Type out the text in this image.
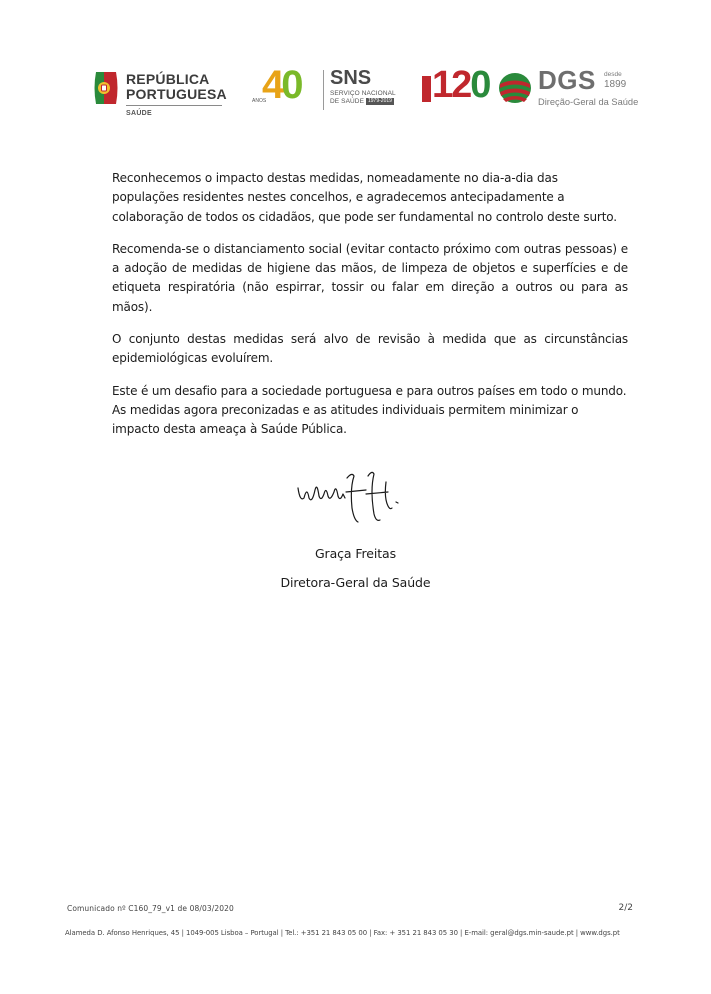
REPÚBLICA
PORTUGUESA
SAÚDE
ANOS
40 SNS
SERVIÇO NACIONAL
DE SAÚDE 1979-2019 120 DGS desde
1899
Direção-Geral da Saúde

Reconhecemos o impacto destas medidas, nomeadamente no dia-a-dia das populações residentes nestes concelhos, e agradecemos antecipadamente a colaboração de todos os cidadãos, que pode ser fundamental no controlo deste surto.

Recomenda-se o distanciamento social (evitar contacto próximo com outras pessoas) e a adoção de medidas de higiene das mãos, de limpeza de objetos e superfícies e de etiqueta respiratória (não espirrar, tossir ou falar em direção a outros ou para as mãos).

O conjunto destas medidas será alvo de revisão à medida que as circunstâncias epidemiológicas evoluírem.

Este é um desafio para a sociedade portuguesa e para outros países em todo o mundo. As medidas agora preconizadas e as atitudes individuais permitem minimizar o impacto desta ameaça à Saúde Pública.

Graça Freitas
Diretora-Geral da Saúde
Comunicado nº C160_79_v1 de 08/03/2020	2/2
Alameda D. Afonso Henriques, 45 | 1049-005 Lisboa – Portugal | Tel.: +351 21 843 05 00 | Fax: + 351 21 843 05 30 | E-mail: geral@dgs.min-saude.pt | www.dgs.pt
